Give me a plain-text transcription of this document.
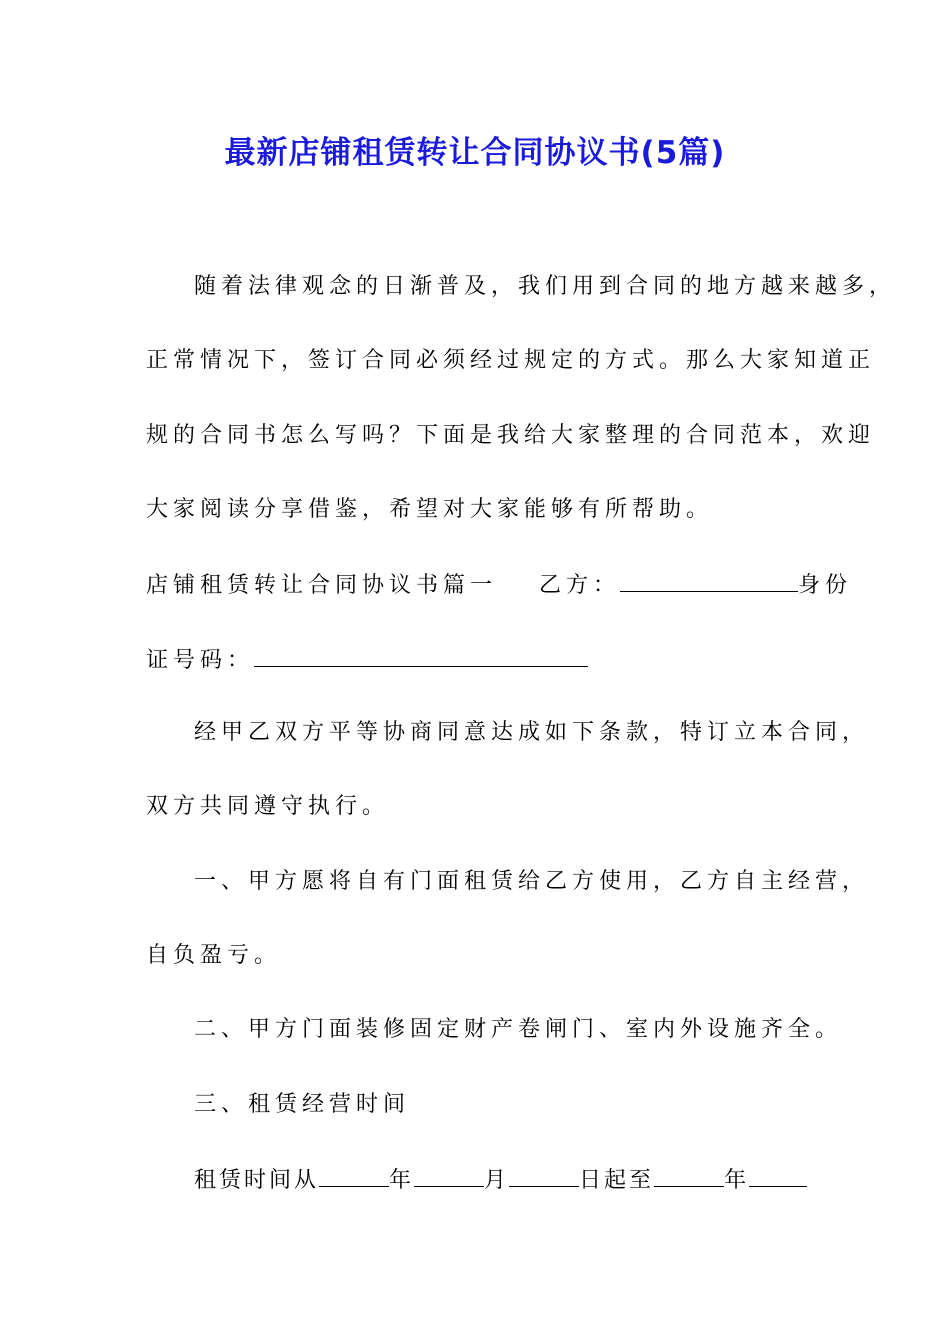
最新店铺租赁转让合同协议书(5篇)
随着法律观念的日渐普及，我们用到合同的地方越来越多，
正常情况下，签订合同必须经过规定的方式。那么大家知道正
规的合同书怎么写吗？下面是我给大家整理的合同范本，欢迎
大家阅读分享借鉴，希望对大家能够有所帮助。
店铺租赁转让合同协议书篇一 乙方：	身份
证号码：
经甲乙双方平等协商同意达成如下条款，特订立本合同，
双方共同遵守执行。
一、甲方愿将自有门面租赁给乙方使用，乙方自主经营，
自负盈亏。
二、甲方门面装修固定财产卷闸门、室内外设施齐全。
三、租赁经营时间
租赁时间从	年	月	日起至	年
